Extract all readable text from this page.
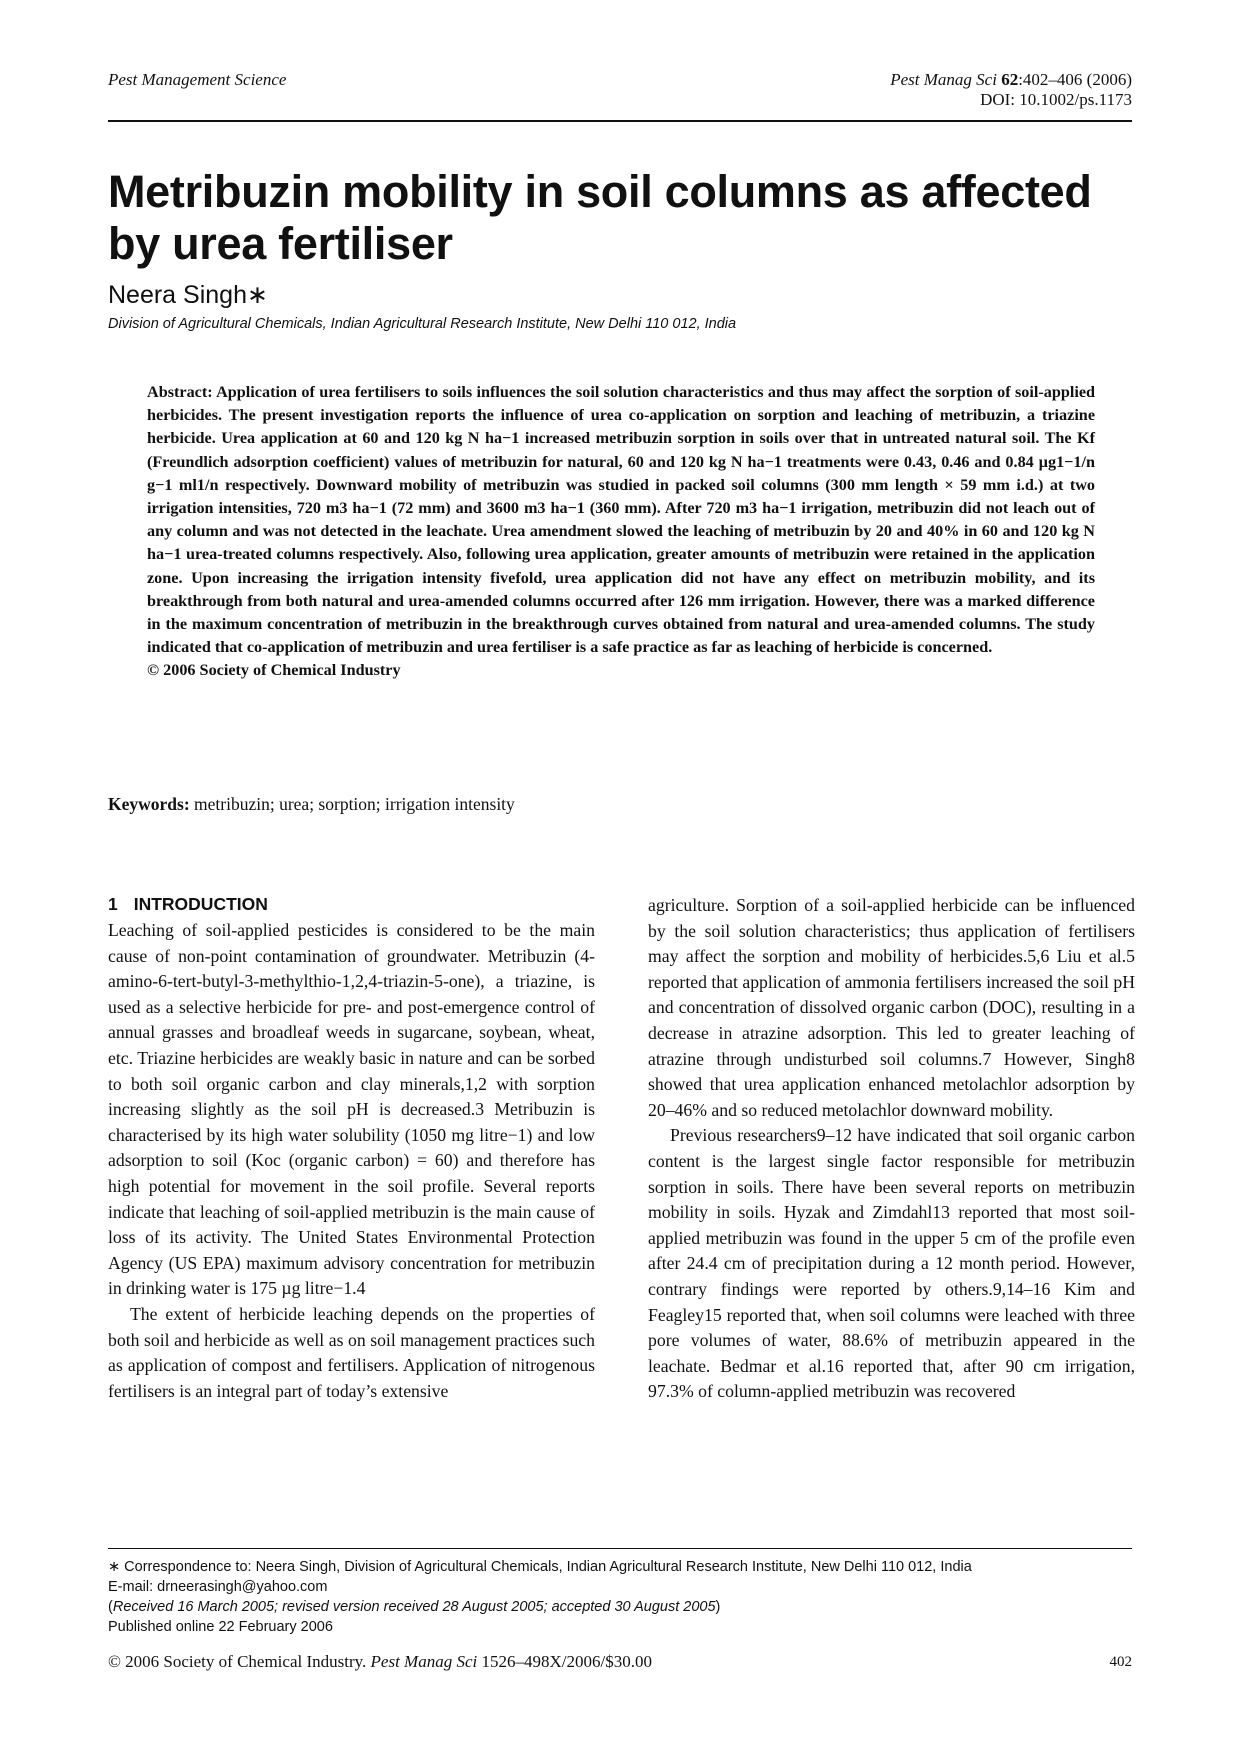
Pest Management Science	Pest Manag Sci 62:402–406 (2006)
DOI: 10.1002/ps.1173
Metribuzin mobility in soil columns as affected by urea fertiliser
Neera Singh∗
Division of Agricultural Chemicals, Indian Agricultural Research Institute, New Delhi 110 012, India
Abstract: Application of urea fertilisers to soils influences the soil solution characteristics and thus may affect the sorption of soil-applied herbicides. The present investigation reports the influence of urea co-application on sorption and leaching of metribuzin, a triazine herbicide. Urea application at 60 and 120 kg N ha−1 increased metribuzin sorption in soils over that in untreated natural soil. The Kf (Freundlich adsorption coefficient) values of metribuzin for natural, 60 and 120 kg N ha−1 treatments were 0.43, 0.46 and 0.84 µg1−1/n g−1 ml1/n respectively. Downward mobility of metribuzin was studied in packed soil columns (300 mm length × 59 mm i.d.) at two irrigation intensities, 720 m3 ha−1 (72 mm) and 3600 m3 ha−1 (360 mm). After 720 m3 ha−1 irrigation, metribuzin did not leach out of any column and was not detected in the leachate. Urea amendment slowed the leaching of metribuzin by 20 and 40% in 60 and 120 kg N ha−1 urea-treated columns respectively. Also, following urea application, greater amounts of metribuzin were retained in the application zone. Upon increasing the irrigation intensity fivefold, urea application did not have any effect on metribuzin mobility, and its breakthrough from both natural and urea-amended columns occurred after 126 mm irrigation. However, there was a marked difference in the maximum concentration of metribuzin in the breakthrough curves obtained from natural and urea-amended columns. The study indicated that co-application of metribuzin and urea fertiliser is a safe practice as far as leaching of herbicide is concerned.
© 2006 Society of Chemical Industry
Keywords: metribuzin; urea; sorption; irrigation intensity
1 INTRODUCTION

Leaching of soil-applied pesticides is considered to be the main cause of non-point contamination of groundwater. Metribuzin (4-amino-6-tert-butyl-3-methylthio-1,2,4-triazin-5-one), a triazine, is used as a selective herbicide for pre- and post-emergence control of annual grasses and broadleaf weeds in sugarcane, soybean, wheat, etc. Triazine herbicides are weakly basic in nature and can be sorbed to both soil organic carbon and clay minerals,1,2 with sorption increasing slightly as the soil pH is decreased.3 Metribuzin is characterised by its high water solubility (1050 mg litre−1) and low adsorption to soil (Koc (organic carbon) = 60) and therefore has high potential for movement in the soil profile. Several reports indicate that leaching of soil-applied metribuzin is the main cause of loss of its activity. The United States Environmental Protection Agency (US EPA) maximum advisory concentration for metribuzin in drinking water is 175 µg litre−1.4

The extent of herbicide leaching depends on the properties of both soil and herbicide as well as on soil management practices such as application of compost and fertilisers. Application of nitrogenous fertilisers is an integral part of today’s extensive

agriculture. Sorption of a soil-applied herbicide can be influenced by the soil solution characteristics; thus application of fertilisers may affect the sorption and mobility of herbicides.5,6 Liu et al.5 reported that application of ammonia fertilisers increased the soil pH and concentration of dissolved organic carbon (DOC), resulting in a decrease in atrazine adsorption. This led to greater leaching of atrazine through undisturbed soil columns.7 However, Singh8 showed that urea application enhanced metolachlor adsorption by 20–46% and so reduced metolachlor downward mobility.

Previous researchers9–12 have indicated that soil organic carbon content is the largest single factor responsible for metribuzin sorption in soils. There have been several reports on metribuzin mobility in soils. Hyzak and Zimdahl13 reported that most soil-applied metribuzin was found in the upper 5 cm of the profile even after 24.4 cm of precipitation during a 12 month period. However, contrary findings were reported by others.9,14–16 Kim and Feagley15 reported that, when soil columns were leached with three pore volumes of water, 88.6% of metribuzin appeared in the leachate. Bedmar et al.16 reported that, after 90 cm irrigation, 97.3% of column-applied metribuzin was recovered

∗ Correspondence to: Neera Singh, Division of Agricultural Chemicals, Indian Agricultural Research Institute, New Delhi 110 012, India
E-mail: drneerasingh@yahoo.com
(Received 16 March 2005; revised version received 28 August 2005; accepted 30 August 2005)
Published online 22 February 2006
© 2006 Society of Chemical Industry. Pest Manag Sci 1526–498X/2006/$30.00	402
